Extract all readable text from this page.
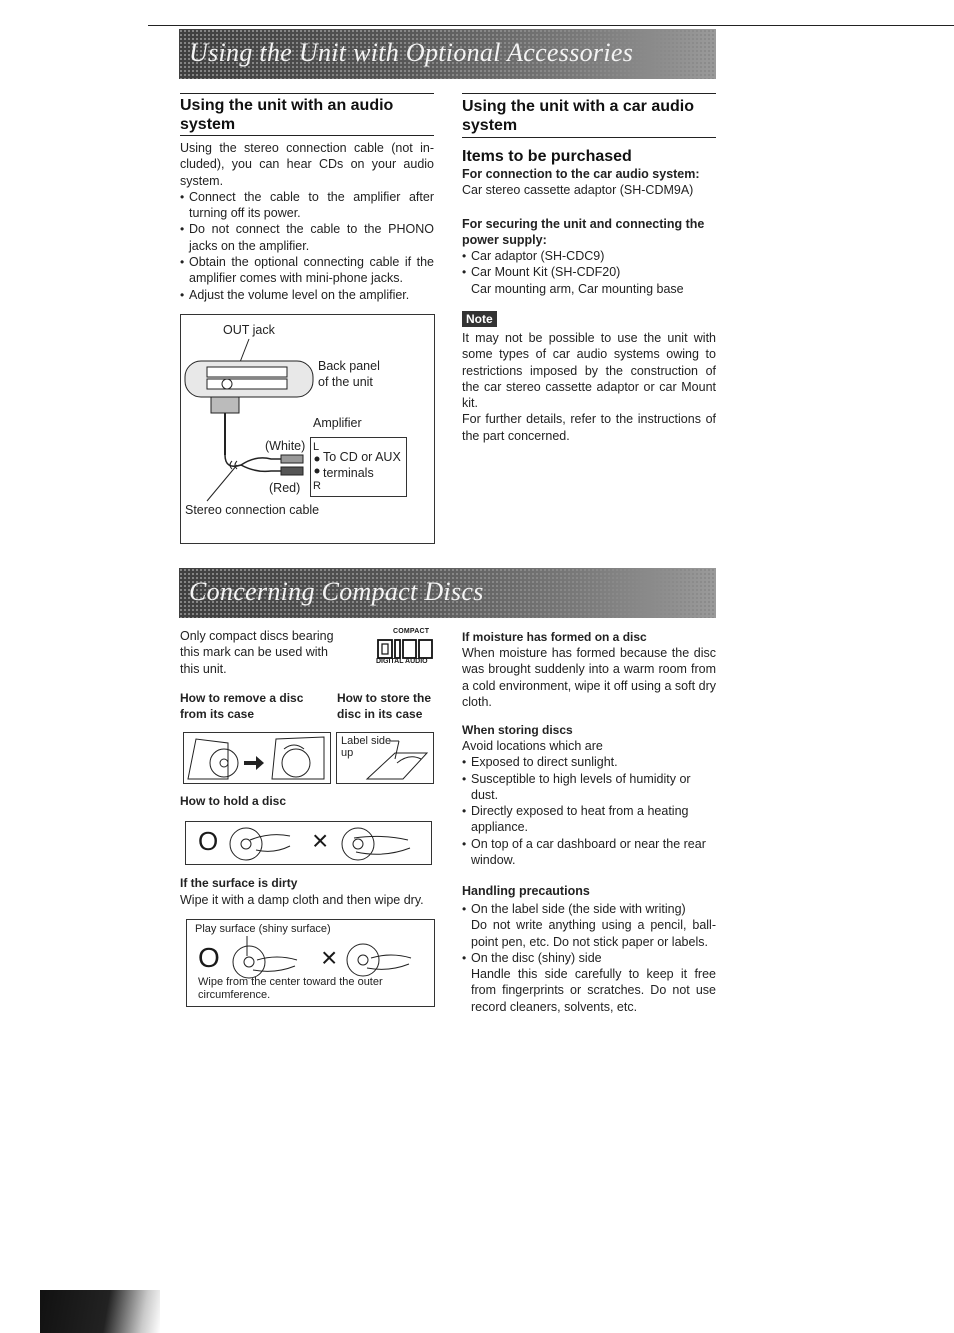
Using the Unit with Optional Accessories
Using the unit with an audio system
Using the stereo connection cable (not in-cluded), you can hear CDs on your audio system.
• Connect the cable to the amplifier after turning off its power.
• Do not connect the cable to the PHONO jacks on the amplifier.
• Obtain the optional connecting cable if the amplifier comes with mini-phone jacks.
• Adjust the volume level on the amplifier.
OUT jack
Back panel
of the unit
Amplifier
(White)
(Red)
L
To CD or AUX
terminals
R
Stereo connection cable
Using the unit with a car audio system
Items to be purchased
For connection to the car audio system:
Car stereo cassette adaptor (SH-CDM9A)
For securing the unit and connecting the power supply:
• Car adaptor (SH-CDC9)
• Car Mount Kit (SH-CDF20)
Car mounting arm, Car mounting base
Note
It may not be possible to use the unit with some types of car audio systems owing to restrictions imposed by the construction of the car stereo cassette adaptor or car Mount kit.
For further details, refer to the instructions of the part concerned.
Concerning Compact Discs
Only compact discs bearing this mark can be used with this unit.
COMPACT
DIGITAL AUDIO
How to remove a disc from its case
How to store the disc in its case
Label side
up
How to hold a disc
O	×
If the surface is dirty
Wipe it with a damp cloth and then wipe dry.
Play surface (shiny surface)
O	×
Wipe from the center toward the outer circumference.
If moisture has formed on a disc
When moisture has formed because the disc was brought suddenly into a warm room from a cold environment, wipe it off using a soft dry cloth.
When storing discs
Avoid locations which are
• Exposed to direct sunlight.
• Susceptible to high levels of humidity or dust.
• Directly exposed to heat from a heating appliance.
• On top of a car dashboard or near the rear window.
Handling precautions
• On the label side (the side with writing)
Do not write anything using a pencil, ball-point pen, etc. Do not stick paper or labels.
• On the disc (shiny) side
Handle this side carefully to keep it free from fingerprints or scratches. Do not use record cleaners, solvents, etc.
